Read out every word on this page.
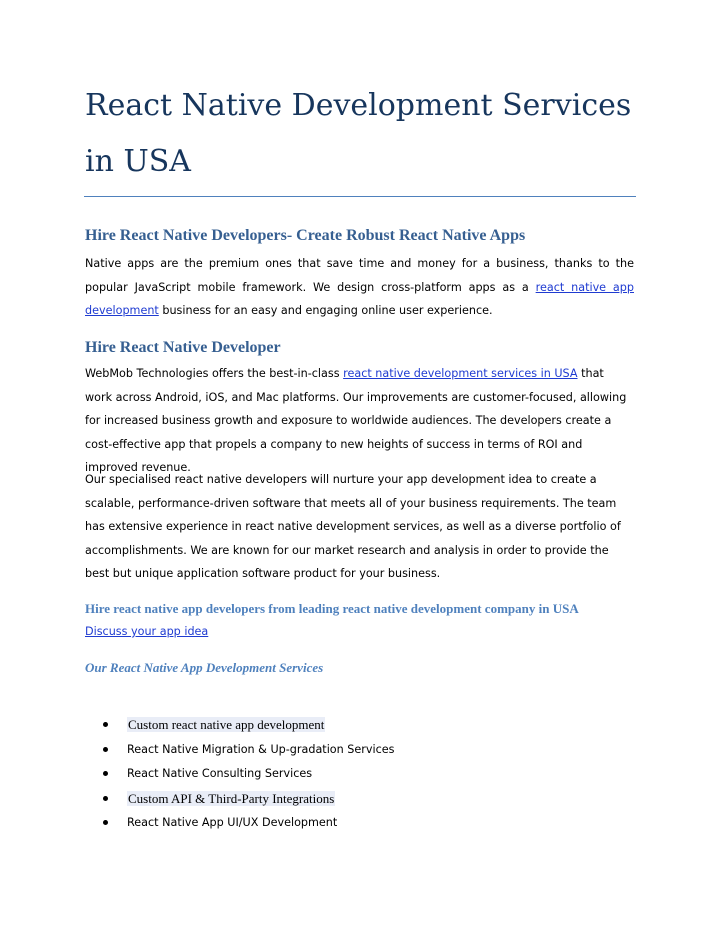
React Native Development Services in USA
Hire React Native Developers- Create Robust React Native Apps

Native apps are the premium ones that save time and money for a business, thanks to the popular JavaScript mobile framework. We design cross-platform apps as a react native app development business for an easy and engaging online user experience.

Hire React Native Developer

WebMob Technologies offers the best-in-class react native development services in USA that work across Android, iOS, and Mac platforms. Our improvements are customer-focused, allowing for increased business growth and exposure to worldwide audiences. The developers create a cost-effective app that propels a company to new heights of success in terms of ROI and improved revenue.

Our specialised react native developers will nurture your app development idea to create a scalable, performance-driven software that meets all of your business requirements. The team has extensive experience in react native development services, as well as a diverse portfolio of accomplishments. We are known for our market research and analysis in order to provide the best but unique application software product for your business.

Hire react native app developers from leading react native development company in USA

Discuss your app idea

Our React Native App Development Services
Custom react native app development
React Native Migration & Up-gradation Services
React Native Consulting Services
Custom API & Third-Party Integrations
React Native App UI/UX Development
